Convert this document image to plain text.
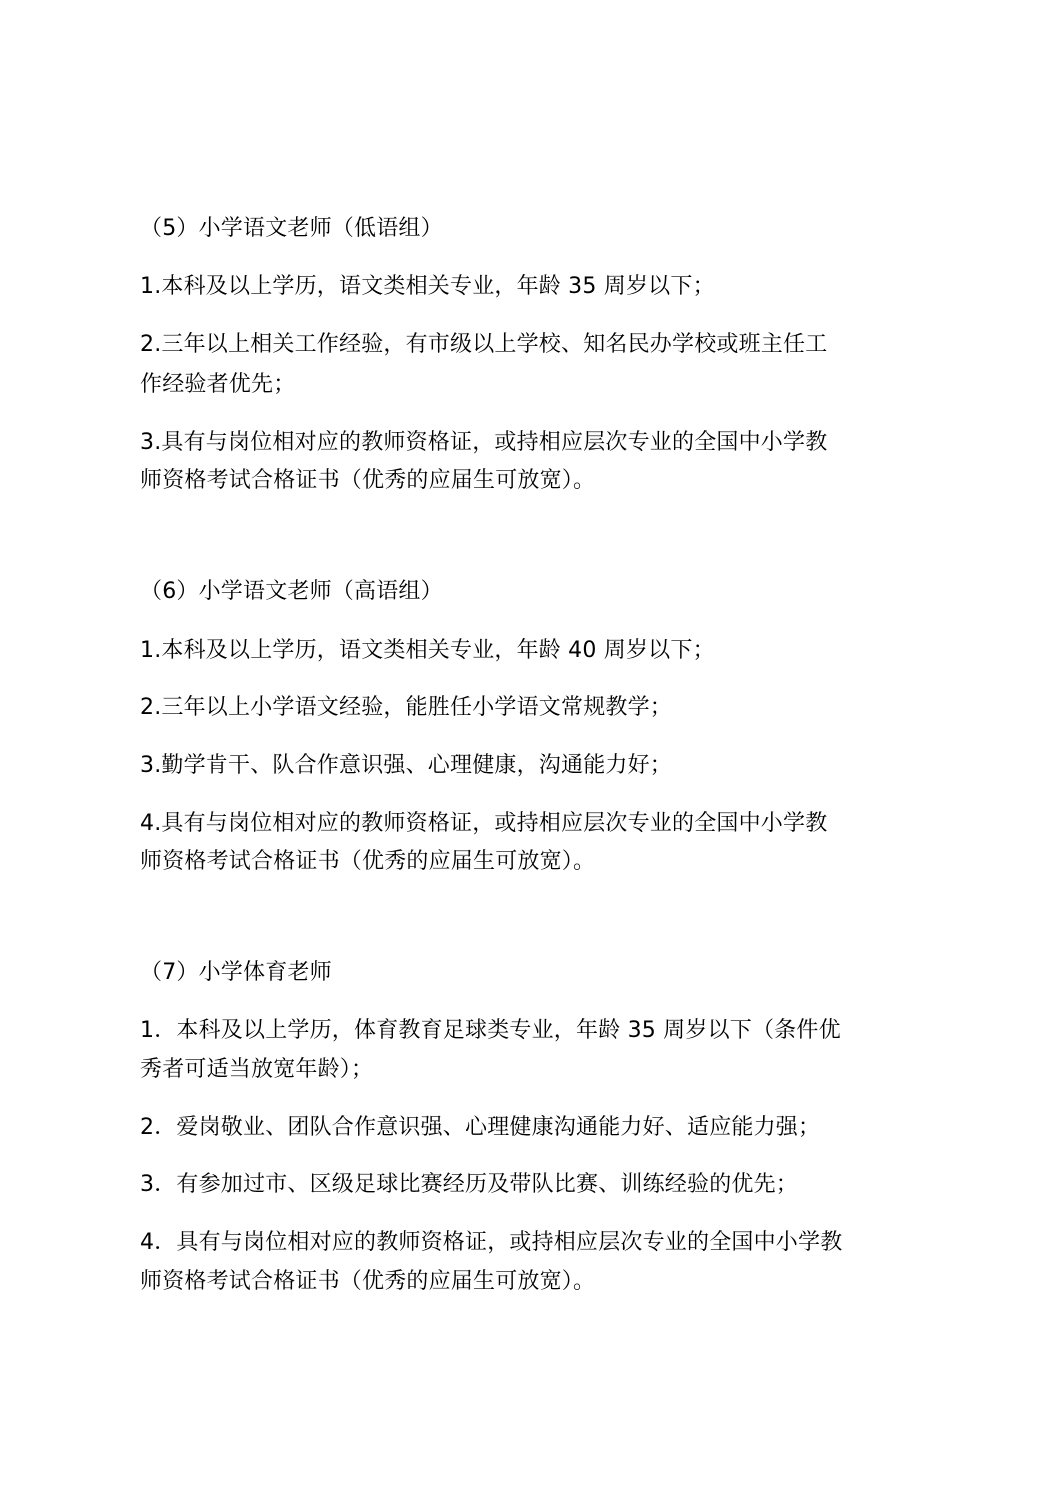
（5）小学语文老师（低语组）
1.本科及以上学历，语文类相关专业，年龄 35 周岁以下；
2.三年以上相关工作经验，有市级以上学校、知名民办学校或班主任工
作经验者优先；
3.具有与岗位相对应的教师资格证，或持相应层次专业的全国中小学教
师资格考试合格证书（优秀的应届生可放宽）。
（6）小学语文老师（高语组）
1.本科及以上学历，语文类相关专业，年龄 40 周岁以下；
2.三年以上小学语文经验，能胜任小学语文常规教学；
3.勤学肯干、队合作意识强、心理健康，沟通能力好；
4.具有与岗位相对应的教师资格证，或持相应层次专业的全国中小学教
师资格考试合格证书（优秀的应届生可放宽）。
（7）小学体育老师
1．本科及以上学历，体育教育足球类专业，年龄 35 周岁以下（条件优
秀者可适当放宽年龄）；
2．爱岗敬业、团队合作意识强、心理健康沟通能力好、适应能力强；
3．有参加过市、区级足球比赛经历及带队比赛、训练经验的优先；
4．具有与岗位相对应的教师资格证，或持相应层次专业的全国中小学教
师资格考试合格证书（优秀的应届生可放宽）。
